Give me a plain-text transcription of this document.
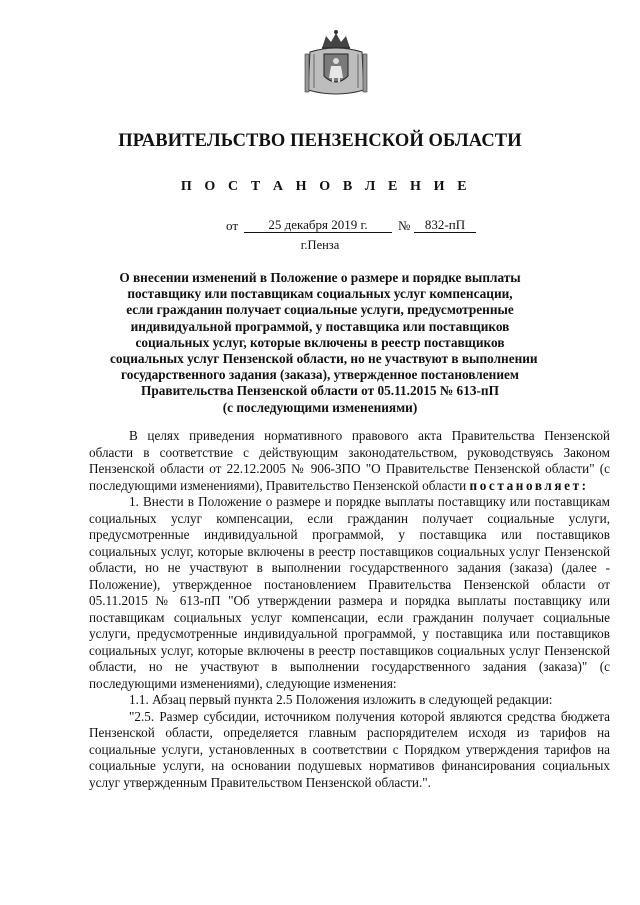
ПРАВИТЕЛЬСТВО ПЕНЗЕНСКОЙ ОБЛАСТИ
П О С Т А Н О В Л Е Н И Е
от	25 декабря 2019 г.	№	832-пП
г.Пенза
О внесении изменений в Положение о размере и порядке выплаты
поставщику или поставщикам социальных услуг компенсации,
если гражданин получает социальные услуги, предусмотренные
индивидуальной программой, у поставщика или поставщиков
социальных услуг, которые включены в реестр поставщиков
социальных услуг Пензенской области, но не участвуют в выполнении
государственного задания (заказа), утвержденное постановлением
Правительства Пензенской области от 05.11.2015 № 613-пП
(с последующими изменениями)

В целях приведения нормативного правового акта Правительства Пензенской области в соответствие с действующим законодательством, руководствуясь Законом Пензенской области от 22.12.2005 № 906-ЗПО "О Правительстве Пензенской области" (с последующими изменениями), Правительство Пензенской области постановляет:

1. Внести в Положение о размере и порядке выплаты поставщику или поставщикам социальных услуг компенсации, если гражданин получает социальные услуги, предусмотренные индивидуальной программой, у поставщика или поставщиков социальных услуг, которые включены в реестр поставщиков социальных услуг Пензенской области, но не участвуют в выполнении государственного задания (заказа) (далее - Положение), утвержденное постановлением Правительства Пензенской области от 05.11.2015 № 613-пП "Об утверждении размера и порядка выплаты поставщику или поставщикам социальных услуг компенсации, если гражданин получает социальные услуги, предусмотренные индивидуальной программой, у поставщика или поставщиков социальных услуг, которые включены в реестр поставщиков социальных услуг Пензенской области, но не участвуют в выполнении государственного задания (заказа)" (с последующими изменениями), следующие изменения:

1.1. Абзац первый пункта 2.5 Положения изложить в следующей редакции:

"2.5. Размер субсидии, источником получения которой являются средства бюджета Пензенской области, определяется главным распорядителем исходя из тарифов на социальные услуги, установленных в соответствии с Порядком утверждения тарифов на социальные услуги, на основании подушевых нормативов финансирования социальных услуг утвержденным Правительством Пензенской области.".
